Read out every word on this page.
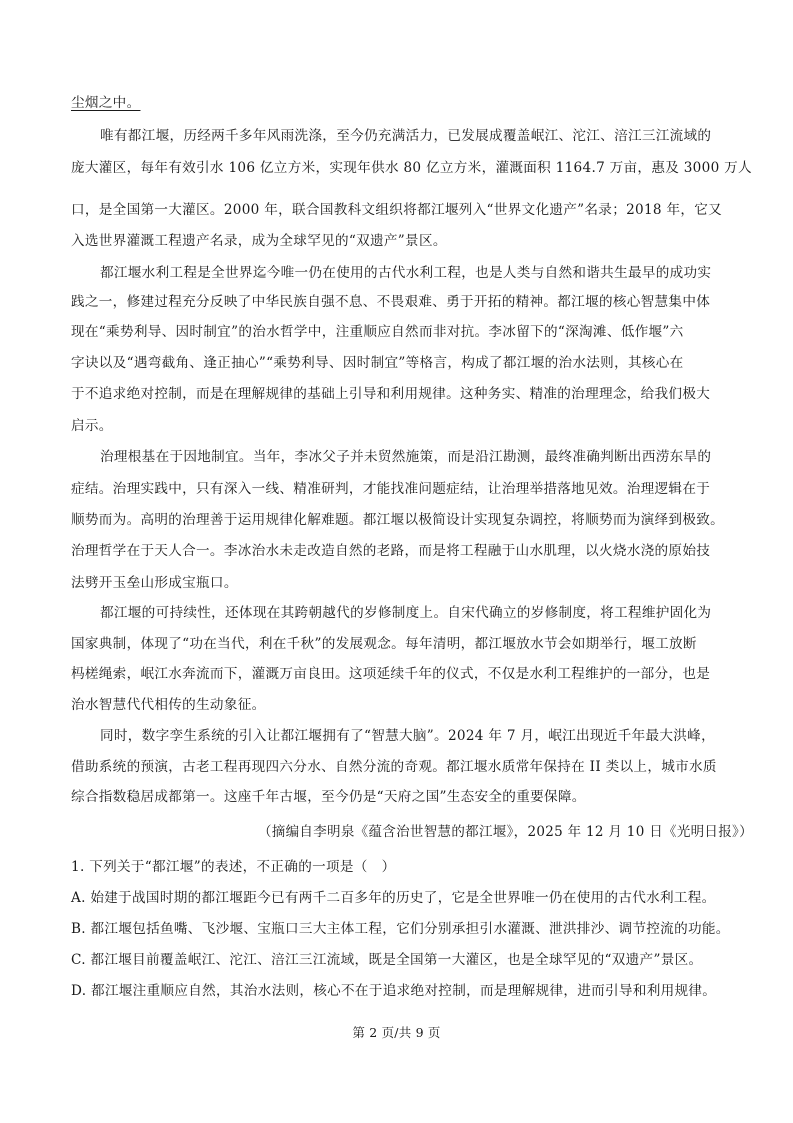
尘烟之中。
唯有都江堰，历经两千多年风雨洗涤，至今仍充满活力，已发展成覆盖岷江、沱江、涪江三江流域的
庞大灌区，每年有效引水 106 亿立方米，实现年供水 80 亿立方米，灌溉面积 1164.7 万亩，惠及 3000 万人
口，是全国第一大灌区。2000 年，联合国教科文组织将都江堰列入“世界文化遗产”名录；2018 年，它又
入选世界灌溉工程遗产名录，成为全球罕见的“双遗产”景区。
都江堰水利工程是全世界迄今唯一仍在使用的古代水利工程，也是人类与自然和谐共生最早的成功实
践之一，修建过程充分反映了中华民族自强不息、不畏艰难、勇于开拓的精神。都江堰的核心智慧集中体
现在“乘势利导、因时制宜”的治水哲学中，注重顺应自然而非对抗。李冰留下的“深淘滩、低作堰”六
字诀以及“遇弯截角、逢正抽心”“乘势利导、因时制宜”等格言，构成了都江堰的治水法则，其核心在
于不追求绝对控制，而是在理解规律的基础上引导和利用规律。这种务实、精准的治理理念，给我们极大
启示。
治理根基在于因地制宜。当年，李冰父子并未贸然施策，而是沿江勘测，最终准确判断出西涝东旱的
症结。治理实践中，只有深入一线、精准研判，才能找准问题症结，让治理举措落地见效。治理逻辑在于
顺势而为。高明的治理善于运用规律化解难题。都江堰以极简设计实现复杂调控，将顺势而为演绎到极致。
治理哲学在于天人合一。李冰治水未走改造自然的老路，而是将工程融于山水肌理，以火烧水浇的原始技
法劈开玉垒山形成宝瓶口。
都江堰的可持续性，还体现在其跨朝越代的岁修制度上。自宋代确立的岁修制度，将工程维护固化为
国家典制，体现了“功在当代，利在千秋”的发展观念。每年清明，都江堰放水节会如期举行，堰工放断
杩槎绳索，岷江水奔流而下，灌溉万亩良田。这项延续千年的仪式，不仅是水利工程维护的一部分，也是
治水智慧代代相传的生动象征。
同时，数字孪生系统的引入让都江堰拥有了“智慧大脑”。2024 年 7 月，岷江出现近千年最大洪峰，
借助系统的预演，古老工程再现四六分水、自然分流的奇观。都江堰水质常年保持在 II 类以上，城市水质
综合指数稳居成都第一。这座千年古堰，至今仍是“天府之国”生态安全的重要保障。
（摘编自李明泉《蕴含治世智慧的都江堰》，2025 年 12 月 10 日《光明日报》）
1. 下列关于“都江堰”的表述，不正确的一项是（　）
A. 始建于战国时期的都江堰距今已有两千二百多年的历史了，它是全世界唯一仍在使用的古代水利工程。
B. 都江堰包括鱼嘴、飞沙堰、宝瓶口三大主体工程，它们分别承担引水灌溉、泄洪排沙、调节控流的功能。
C. 都江堰目前覆盖岷江、沱江、涪江三江流域，既是全国第一大灌区，也是全球罕见的“双遗产”景区。
D. 都江堰注重顺应自然，其治水法则，核心不在于追求绝对控制，而是理解规律，进而引导和利用规律。
第 2 页/共 9 页
